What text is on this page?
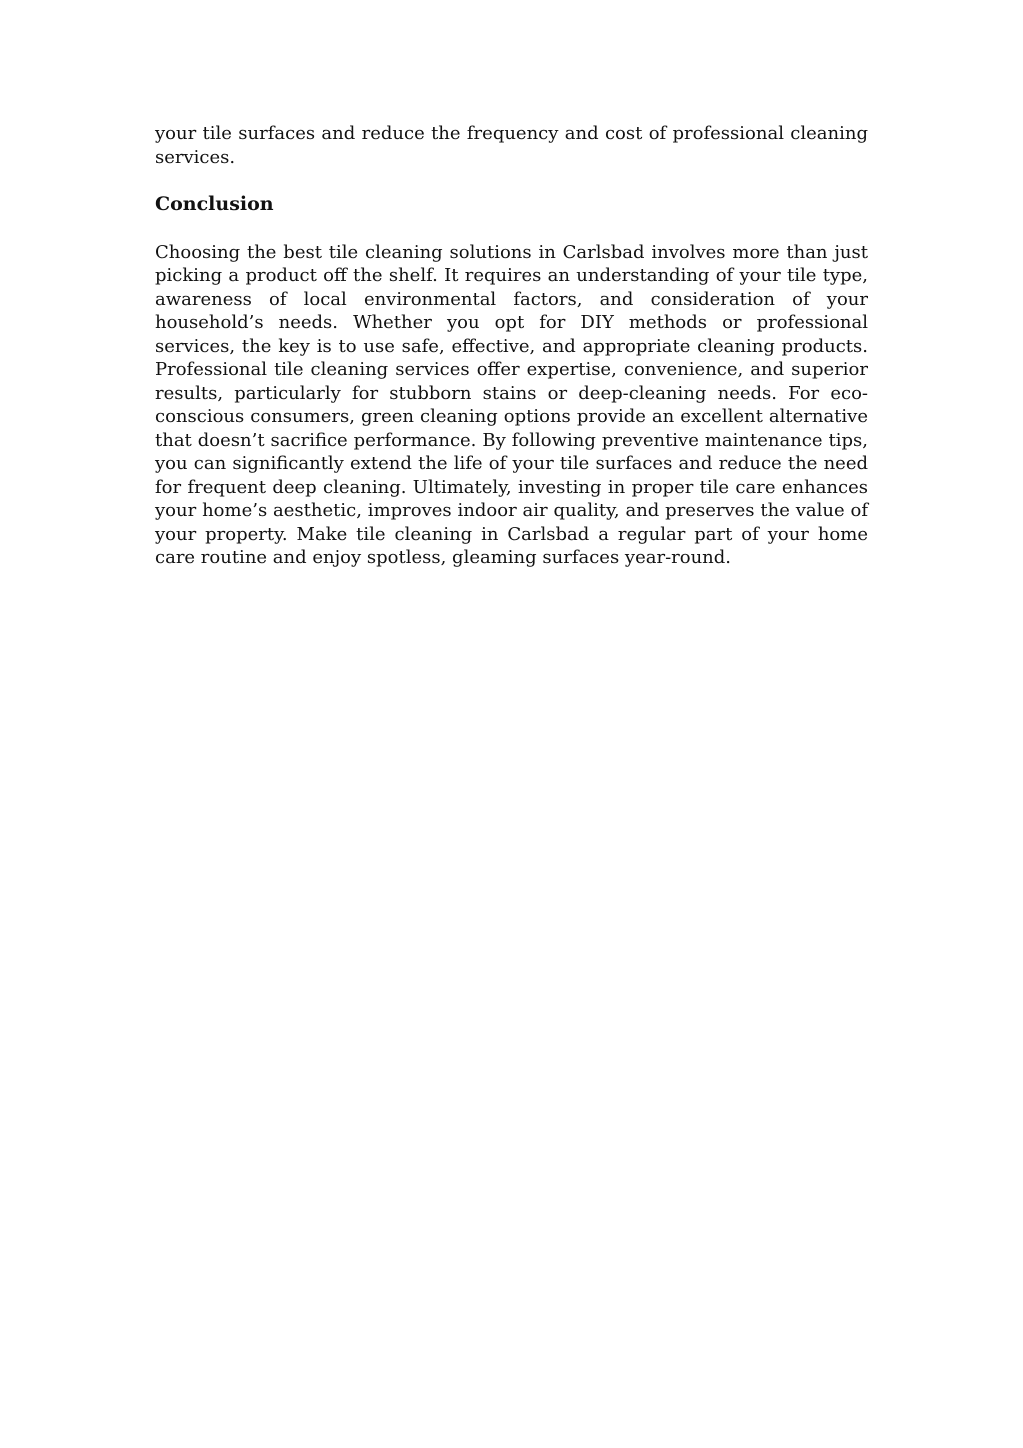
your tile surfaces and reduce the frequency and cost of professional cleaning services.

Conclusion

Choosing the best tile cleaning solutions in Carlsbad involves more than just picking a product off the shelf. It requires an understanding of your tile type, awareness of local environmental factors, and consideration of your household’s needs. Whether you opt for DIY methods or professional services, the key is to use safe, effective, and appropriate cleaning products. Professional tile cleaning services offer expertise, convenience, and superior results, particularly for stubborn stains or deep-cleaning needs. For eco-conscious consumers, green cleaning options provide an excellent alternative that doesn’t sacrifice performance. By following preventive maintenance tips, you can significantly extend the life of your tile surfaces and reduce the need for frequent deep cleaning. Ultimately, investing in proper tile care enhances your home’s aesthetic, improves indoor air quality, and preserves the value of your property. Make tile cleaning in Carlsbad a regular part of your home care routine and enjoy spotless, gleaming surfaces year-round.
